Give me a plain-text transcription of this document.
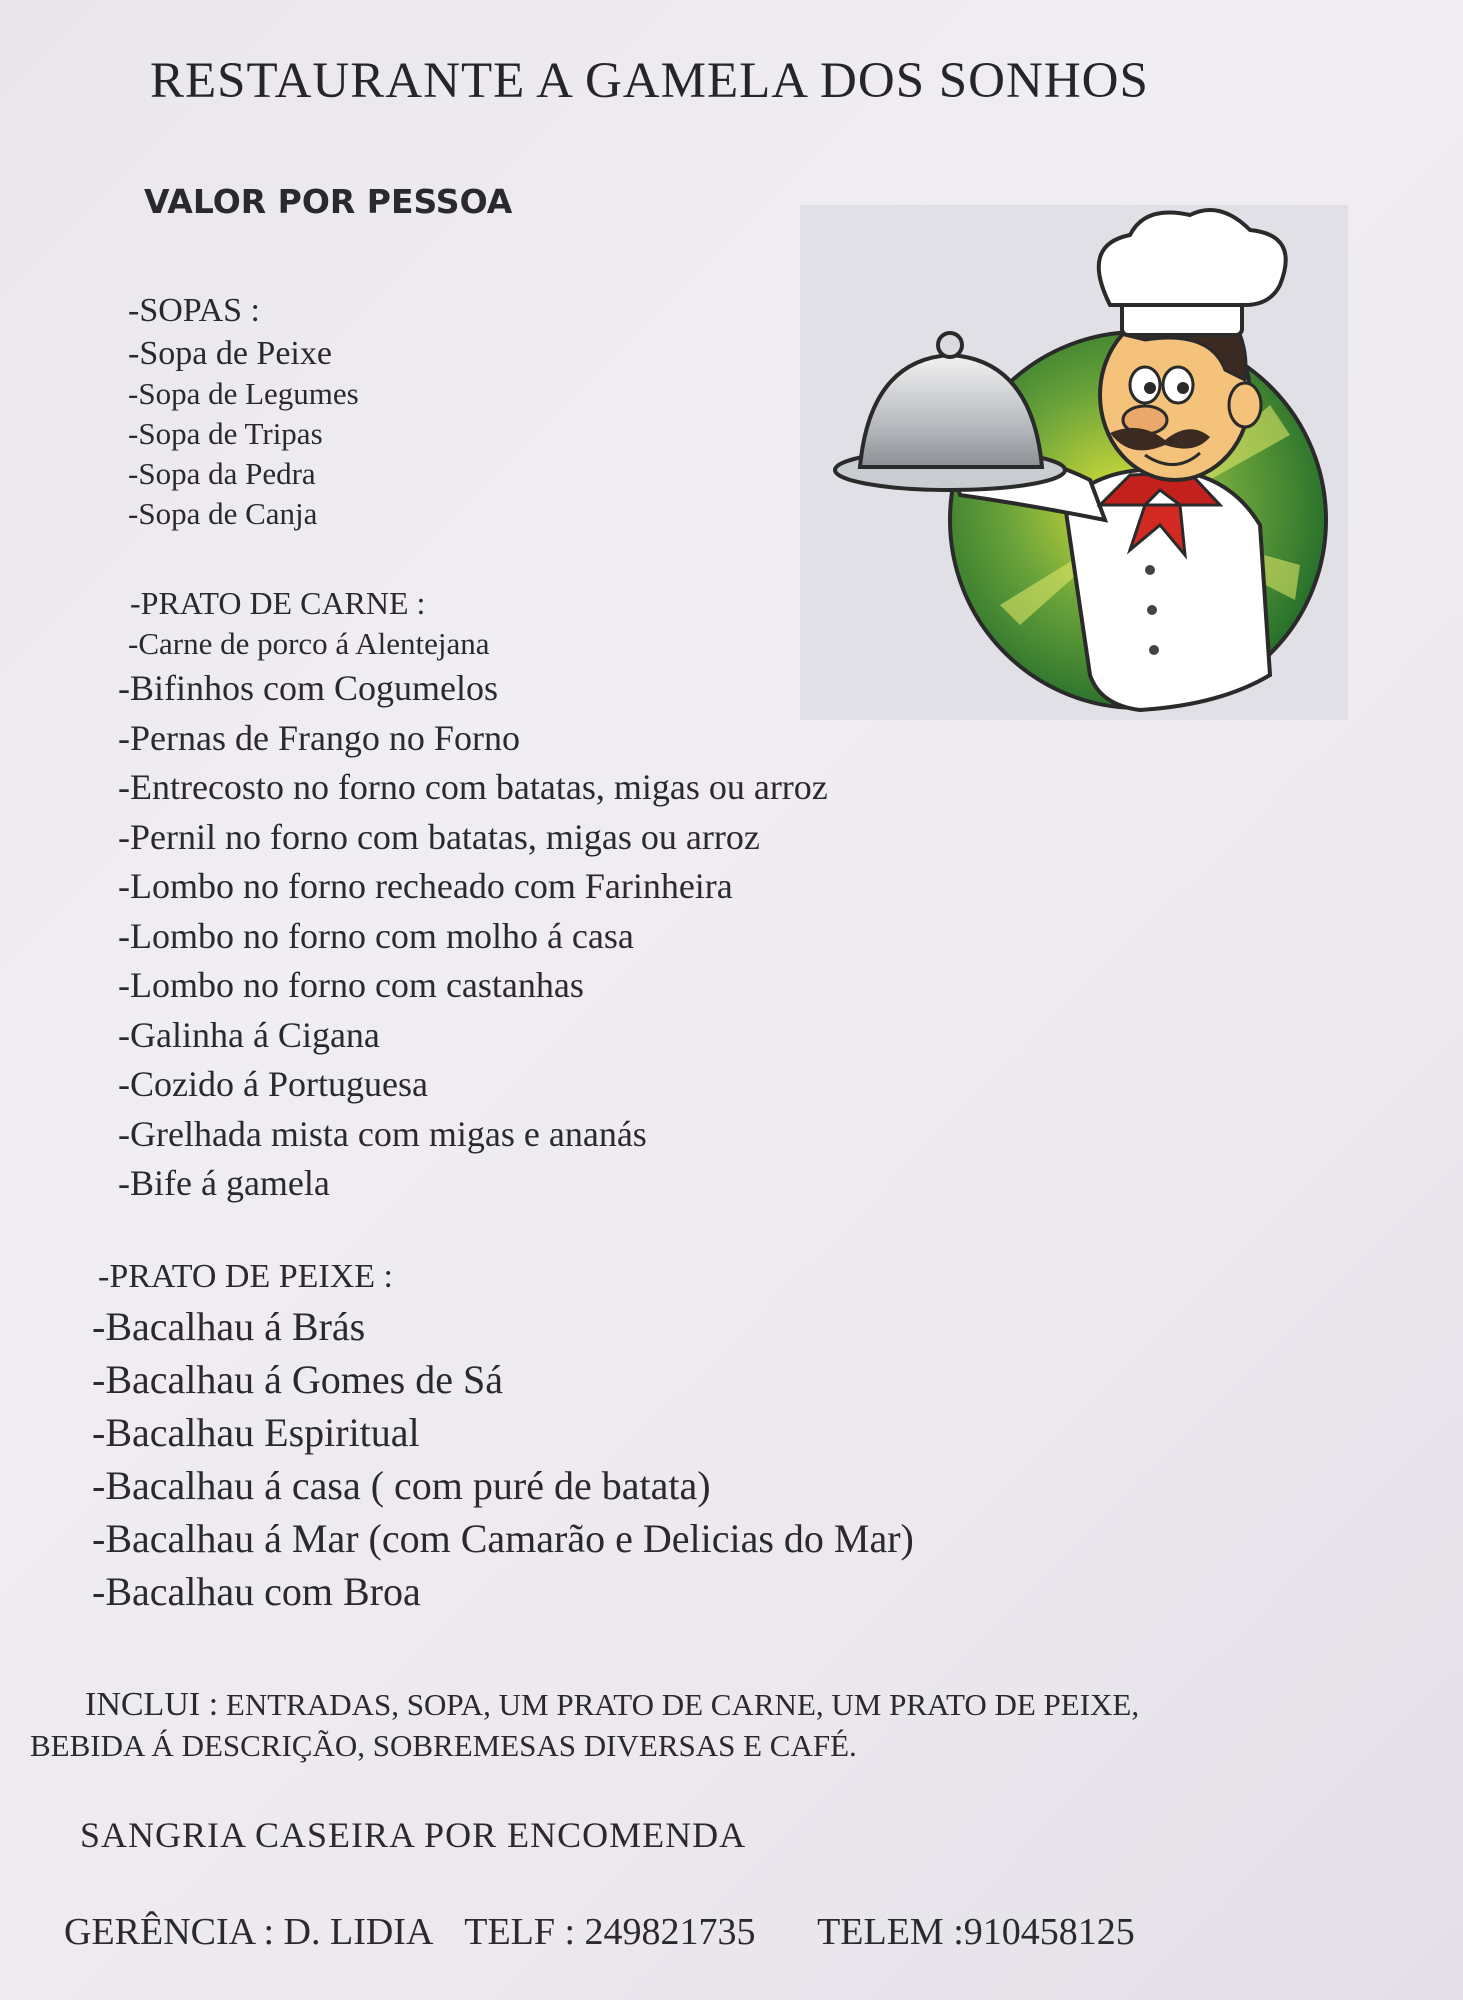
RESTAURANTE A GAMELA DOS SONHOS
VALOR POR PESSOA
-SOPAS :
-Sopa de Peixe
-Sopa de Legumes
-Sopa de Tripas
-Sopa da Pedra
-Sopa de Canja
-PRATO DE CARNE :
-Carne de porco á Alentejana
-Bifinhos com Cogumelos
-Pernas de Frango no Forno
-Entrecosto no forno com batatas, migas ou arroz
-Pernil no forno com batatas, migas ou arroz
-Lombo no forno recheado com Farinheira
-Lombo no forno com molho á casa
-Lombo no forno com castanhas
-Galinha á Cigana
-Cozido á Portuguesa
-Grelhada mista com migas e ananás
-Bife á gamela
-PRATO DE PEIXE :
-Bacalhau á Brás
-Bacalhau á Gomes de Sá
-Bacalhau Espiritual
-Bacalhau á casa ( com puré de batata)
-Bacalhau á Mar (com Camarão e Delicias do Mar)
-Bacalhau com Broa
INCLUI : ENTRADAS, SOPA, UM PRATO DE CARNE, UM PRATO DE PEIXE,
BEBIDA Á DESCRIÇÃO, SOBREMESAS DIVERSAS E CAFÉ.
SANGRIA CASEIRA POR ENCOMENDA
GERÊNCIA : D. LIDIA TELF : 249821735 TELEM :910458125
